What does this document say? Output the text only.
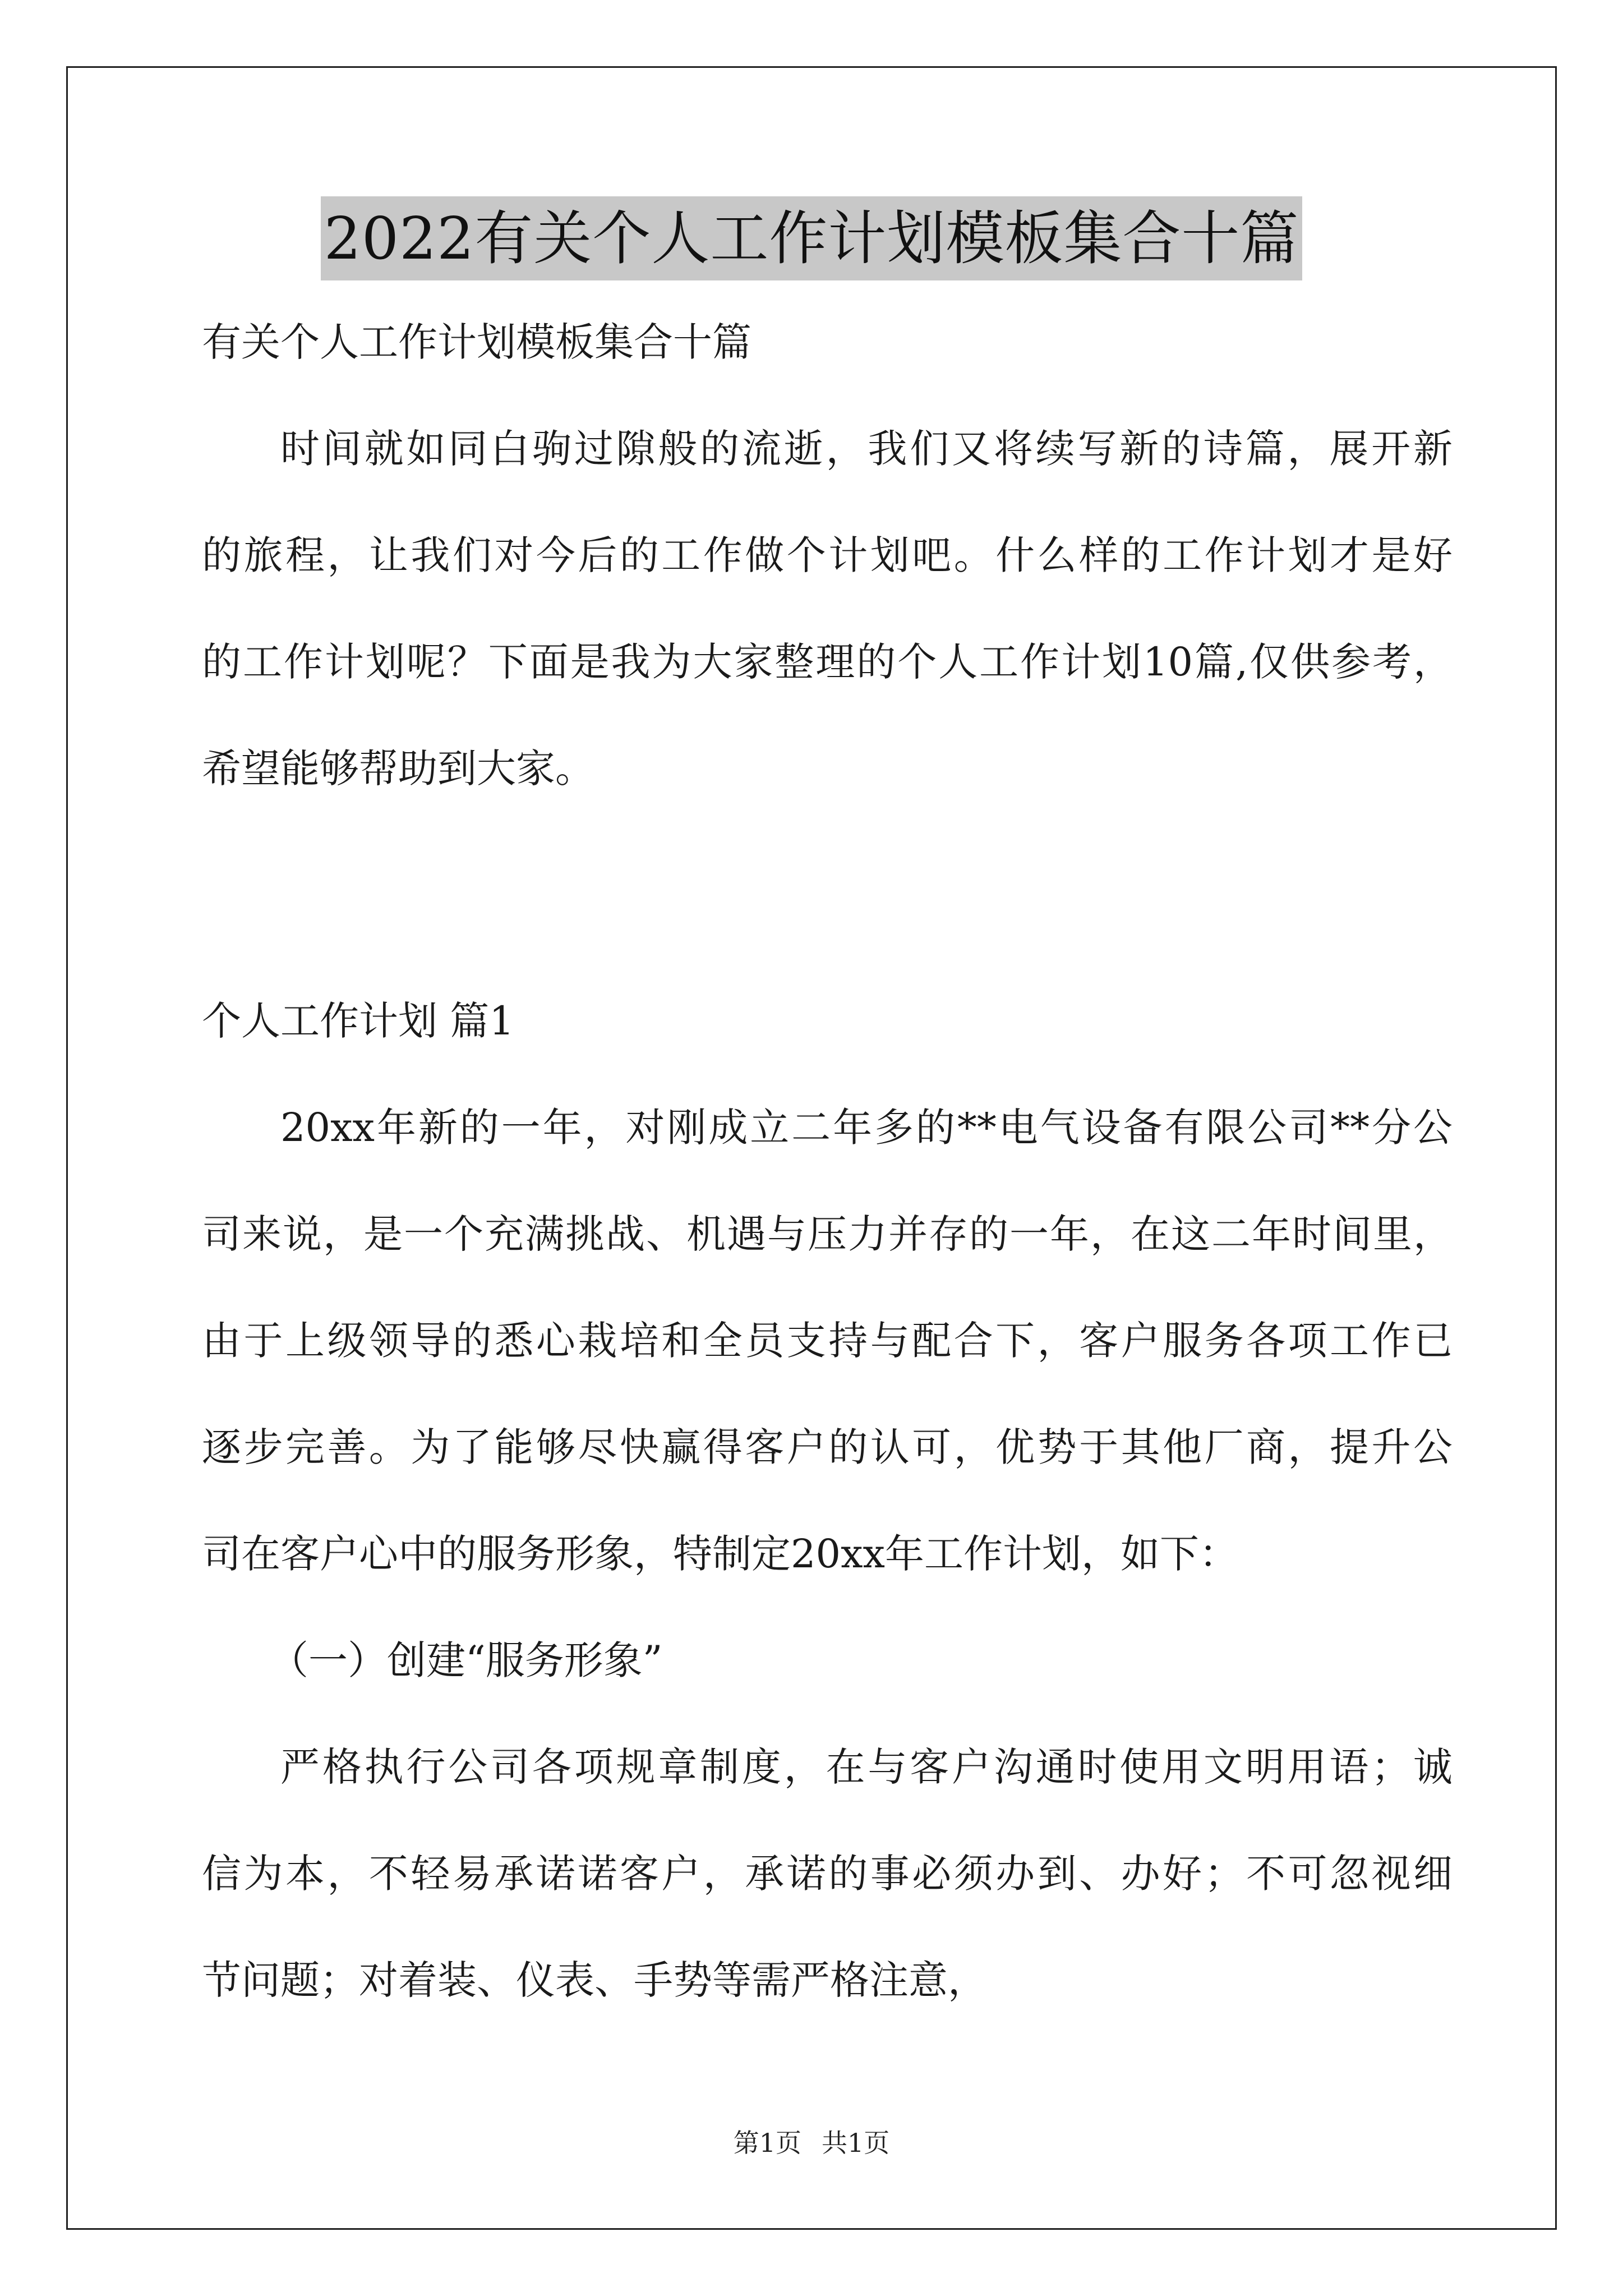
2022有关个人工作计划模板集合十篇

有关个人工作计划模板集合十篇

时间就如同白驹过隙般的流逝，我们又将续写新的诗篇，展开新

的旅程，让我们对今后的工作做个计划吧。什么样的工作计划才是好

的工作计划呢？下面是我为大家整理的个人工作计划10篇,仅供参考，

希望能够帮助到大家。

个人工作计划 篇1

20xx年新的一年，对刚成立二年多的**电气设备有限公司**分公

司来说，是一个充满挑战、机遇与压力并存的一年，在这二年时间里，

由于上级领导的悉心栽培和全员支持与配合下，客户服务各项工作已

逐步完善。为了能够尽快赢得客户的认可，优势于其他厂商，提升公

司在客户心中的服务形象，特制定20xx年工作计划，如下：

（一）创建“服务形象”

严格执行公司各项规章制度，在与客户沟通时使用文明用语；诚

信为本，不轻易承诺诺客户，承诺的事必须办到、办好；不可忽视细

节问题；对着装、仪表、手势等需严格注意，

第1页 共1页
